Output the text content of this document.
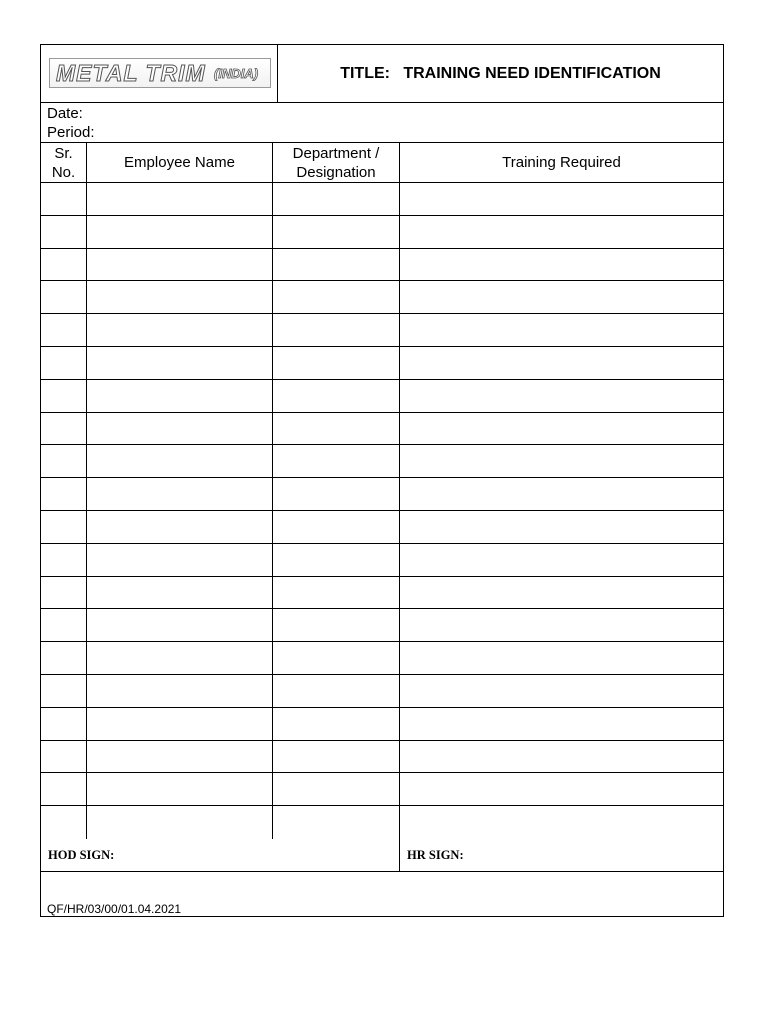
METAL TRIM (INDIA)	TITLE:
TRAINING NEED IDENTIFICATION
Date:
Period:
Sr.
No.
Employee Name
Department /
Designation
Training Required
HOD SIGN:	HR SIGN:
QF/HR/03/00/01.04.2021
